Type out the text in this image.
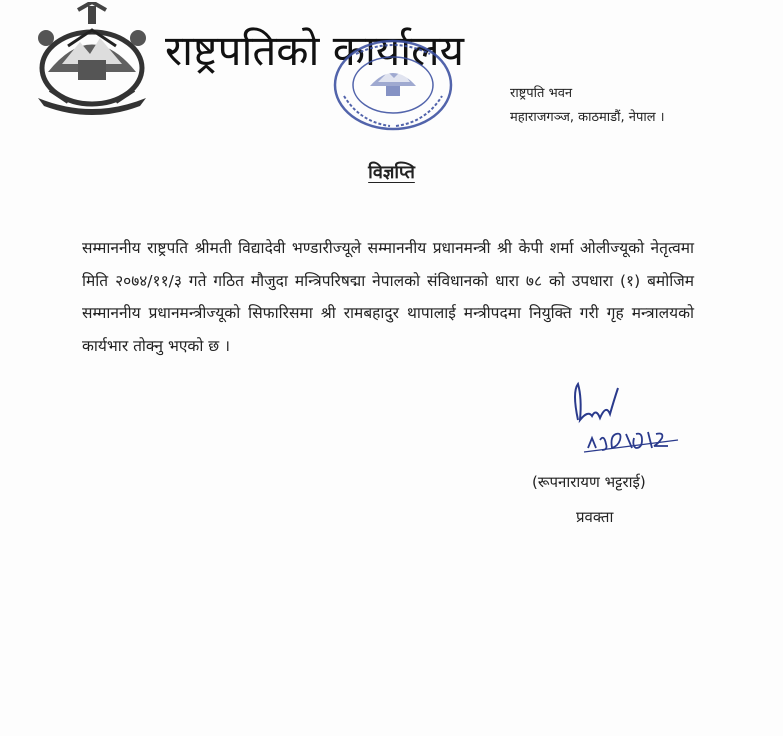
राष्ट्रपतिको कार्यालय
राष्ट्रपति भवन
महाराजगञ्ज, काठमाडौं, नेपाल ।
विज्ञप्ति
सम्माननीय राष्ट्रपति श्रीमती विद्यादेवी भण्डारीज्यूले सम्माननीय प्रधानमन्त्री श्री केपी शर्मा ओलीज्यूको नेतृत्वमा मिति २०७४/११/३ गते गठित मौजुदा मन्त्रिपरिषद्मा नेपालको संविधानको धारा ७८ को उपधारा (१) बमोजिम सम्माननीय प्रधानमन्त्रीज्यूको सिफारिसमा श्री रामबहादुर थापालाई मन्त्रीपदमा नियुक्ति गरी गृह मन्त्रालयको कार्यभार तोक्नु भएको छ ।
(रूपनारायण भट्टराई)
प्रवक्ता
